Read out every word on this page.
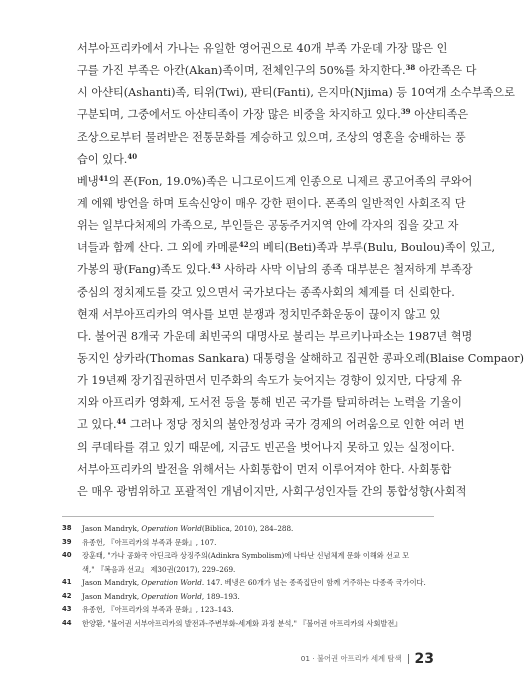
서부아프리카에서 가나는 유일한 영어권으로 40개 부족 가운데 가장 많은 인
구를 가진 부족은 아칸(Akan)족이며, 전체인구의 50%를 차지한다.$^{38}$ 아칸족은 다
시 아샨티(Ashanti)족, 티위(Twi), 판티(Fanti), 은지마(Njima) 등 10여개 소수부족으로
구분되며, 그중에서도 아샨티족이 가장 많은 비중을 차지하고 있다.$^{39}$ 아샨티족은
조상으로부터 물려받은 전통문화를 계승하고 있으며, 조상의 영혼을 숭배하는 풍
습이 있다.$^{40}$
베냉$^{41}$의 폰(Fon, 19.0%)족은 니그로이드계 인종으로 니제르 콩고어족의 쿠와어
계 에웨 방언을 하며 토속신앙이 매우 강한 편이다. 폰족의 일반적인 사회조직 단
위는 일부다처제의 가족으로, 부인들은 공동주거지역 안에 각자의 집을 갖고 자
녀들과 함께 산다. 그 외에 카메룬$^{42}$의 베티(Beti)족과 부루(Bulu, Boulou)족이 있고,
가봉의 팡(Fang)족도 있다.$^{43}$ 사하라 사막 이남의 종족 대부분은 철저하게 부족장
중심의 정치제도를 갖고 있으면서 국가보다는 종족사회의 체계를 더 신뢰한다.
현재 서부아프리카의 역사를 보면 분쟁과 정치민주화운동이 끊이지 않고 있
다. 불어권 8개국 가운데 최빈국의 대명사로 불리는 부르키나파소는 1987년 혁명
동지인 상카라(Thomas Sankara) 대통령을 살해하고 집권한 콩파오레(Blaise Compaor)
가 19년째 장기집권하면서 민주화의 속도가 늦어지는 경향이 있지만, 다당제 유
지와 아프리카 영화제, 도서전 등을 통해 빈곤 국가를 탈피하려는 노력을 기울이
고 있다.$^{44}$ 그러나 정당 정치의 불안정성과 국가 경제의 어려움으로 인한 여러 번
의 쿠데타를 겪고 있기 때문에, 지금도 빈곤을 벗어나지 못하고 있는 실정이다.
서부아프리카의 발전을 위해서는 사회통합이 먼저 이루어져야 한다. 사회통합
은 매우 광범위하고 포괄적인 개념이지만, 사회구성인자들 간의 통합성향(사회적
38	Jason Mandryk, Operation World(Biblica, 2010), 284–288.
39	유종헌, 『아프리카의 부족과 문화』, 107.
40	장훈태, "가나 공화국 아딘크라 상징주의(Adinkra Symbolism)에 나타난 신념체계 문화 이해와 선교 모
색," 『복음과 선교』 제30권(2017), 229–269.
41	Jason Mandryk, Operation World. 147. 베냉은 60개가 넘는 종족집단이 함께 거주하는 다종족 국가이다.
42	Jason Mandryk, Operation World, 189–193.
43	유종헌, 『아프리카의 부족과 문화』, 123–143.
44	한양환, "불어권 서부아프리카의 발전과-주변부화-세계화 과정 분석," 『불어권 아프리카의 사회발전』
01 · 불어권 아프리카 세계 탐색 23
